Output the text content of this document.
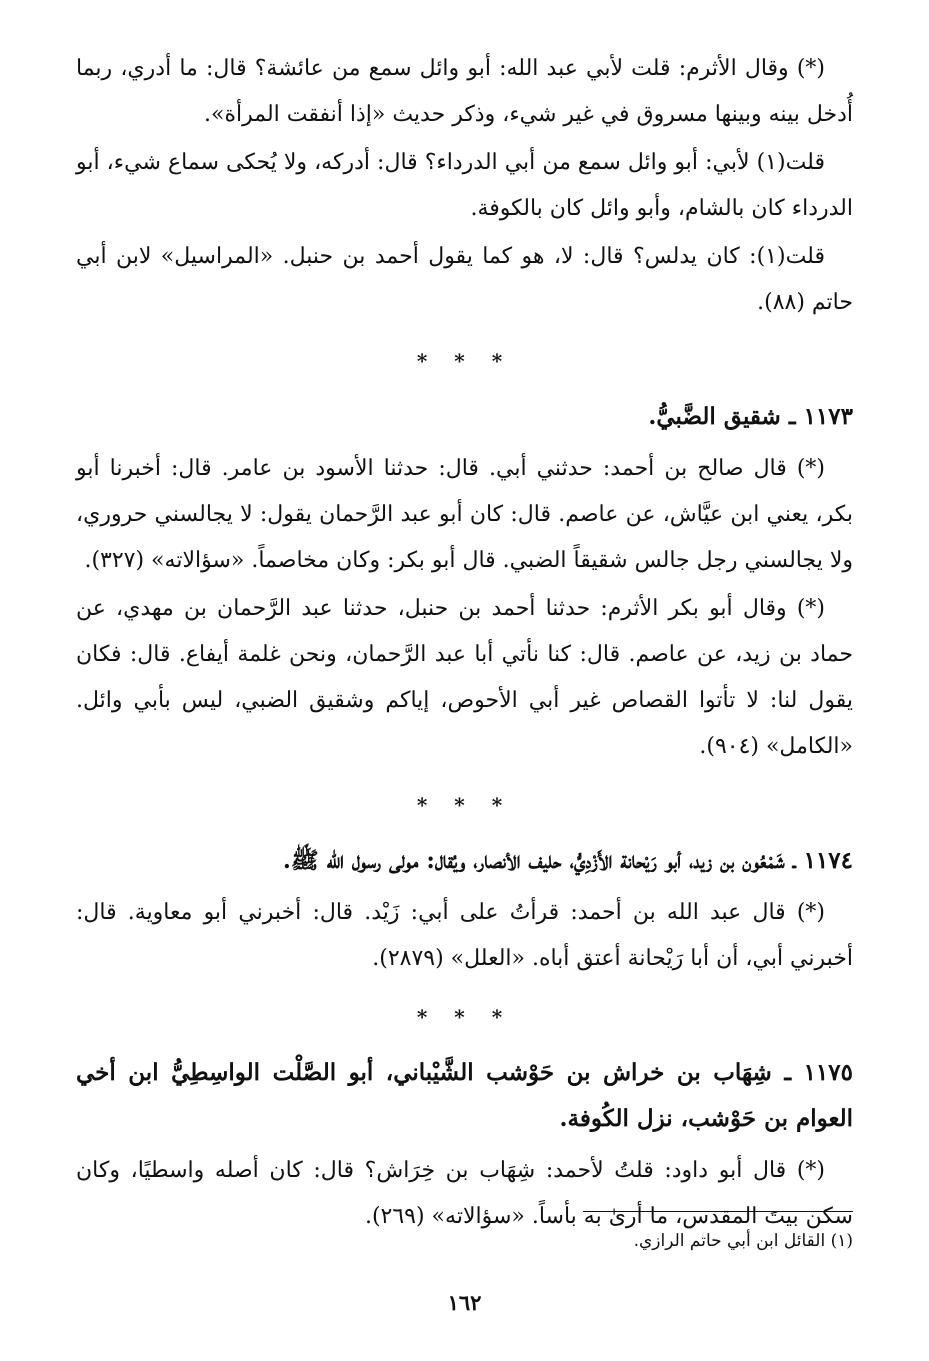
(*) وقال الأثرم: قلت لأبي عبد الله: أبو وائل سمع من عائشة؟ قال: ما أدري، ربما أُدخل بينه وبينها مسروق في غير شيء، وذكر حديث «إذا أنفقت المرأة».

قلت(١) لأبي: أبو وائل سمع من أبي الدرداء؟ قال: أدركه، ولا يُحكى سماع شيء، أبو الدرداء كان بالشام، وأبو وائل كان بالكوفة.

قلت(١): كان يدلس؟ قال: لا، هو كما يقول أحمد بن حنبل. «المراسيل» لابن أبي حاتم (٨٨).

* * *
١١٧٣ ـ شقيق الضَّبيُّ.

(*) قال صالح بن أحمد: حدثني أبي. قال: حدثنا الأسود بن عامر. قال: أخبرنا أبو بكر، يعني ابن عيَّاش، عن عاصم. قال: كان أبو عبد الرَّحمان يقول: لا يجالسني حروري، ولا يجالسني رجل جالس شقيقاً الضبي. قال أبو بكر: وكان مخاصماً. «سؤالاته» (٣٢٧).

(*) وقال أبو بكر الأثرم: حدثنا أحمد بن حنبل، حدثنا عبد الرَّحمان بن مهدي، عن حماد بن زيد، عن عاصم. قال: كنا نأتي أبا عبد الرَّحمان، ونحن غلمة أيفاع. قال: فكان يقول لنا: لا تأتوا القصاص غير أبي الأحوص، إياكم وشقيق الضبي، ليس بأبي وائل. «الكامل» (٩٠٤).

* * *
١١٧٤ ـ شَمْعُون بن زيد، أبو رَيْحانة الأَزْدِيُّ، حليف الأنصار، ويُقال: مولى رسول الله ﷺ.

(*) قال عبد الله بن أحمد: قرأتُ على أبي: زَيْد. قال: أخبرني أبو معاوية. قال: أخبرني أبي، أن أبا رَيْحانة أعتق أباه. «العلل» (٢٨٧٩).

* * *
١١٧٥ ـ شِهَاب بن خراش بن حَوْشب الشَّيْباني، أبو الصَّلْت الواسِطِيُّ ابن أخي العوام بن حَوْشب، نزل الكُوفة.

(*) قال أبو داود: قلتُ لأحمد: شِهَاب بن خِرَاش؟ قال: كان أصله واسطيًا، وكان سكن بيتَ المقدس، ما أرىٰ به بأساً. «سؤالاته» (٢٦٩).

(١) القائل ابن أبي حاتم الرازي.
١٦٢
